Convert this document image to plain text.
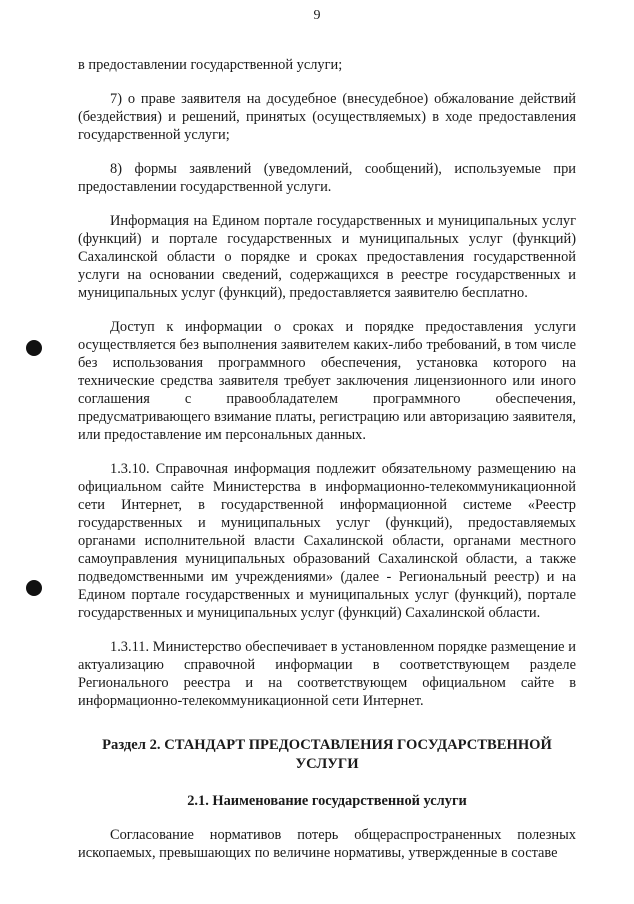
9

в предоставлении государственной услуги;

7) о праве заявителя на досудебное (внесудебное) обжалование действий (бездействия) и решений, принятых (осуществляемых) в ходе предоставления государственной услуги;

8) формы заявлений (уведомлений, сообщений), используемые при предоставлении государственной услуги.

Информация на Едином портале государственных и муниципальных услуг (функций) и портале государственных и муниципальных услуг (функций) Сахалинской области о порядке и сроках предоставления государственной услуги на основании сведений, содержащихся в реестре государственных и муниципальных услуг (функций), предоставляется заявителю бесплатно.

Доступ к информации о сроках и порядке предоставления услуги осуществляется без выполнения заявителем каких-либо требований, в том числе без использования программного обеспечения, установка которого на технические средства заявителя требует заключения лицензионного или иного соглашения с правообладателем программного обеспечения, предусматривающего взимание платы, регистрацию или авторизацию заявителя, или предоставление им персональных данных.

1.3.10. Справочная информация подлежит обязательному размещению на официальном сайте Министерства в информационно-телекоммуникационной сети Интернет, в государственной информационной системе «Реестр государственных и муниципальных услуг (функций), предоставляемых органами исполнительной власти Сахалинской области, органами местного самоуправления муниципальных образований Сахалинской области, а также подведомственными им учреждениями» (далее - Региональный реестр) и на Едином портале государственных и муниципальных услуг (функций), портале государственных и муниципальных услуг (функций) Сахалинской области.

1.3.11. Министерство обеспечивает в установленном порядке размещение и актуализацию справочной информации в соответствующем разделе Регионального реестра и на соответствующем официальном сайте в информационно-телекоммуникационной сети Интернет.

Раздел 2. СТАНДАРТ ПРЕДОСТАВЛЕНИЯ ГОСУДАРСТВЕННОЙ УСЛУГИ
2.1. Наименование государственной услуги

Согласование нормативов потерь общераспространенных полезных ископаемых, превышающих по величине нормативы, утвержденные в составе
